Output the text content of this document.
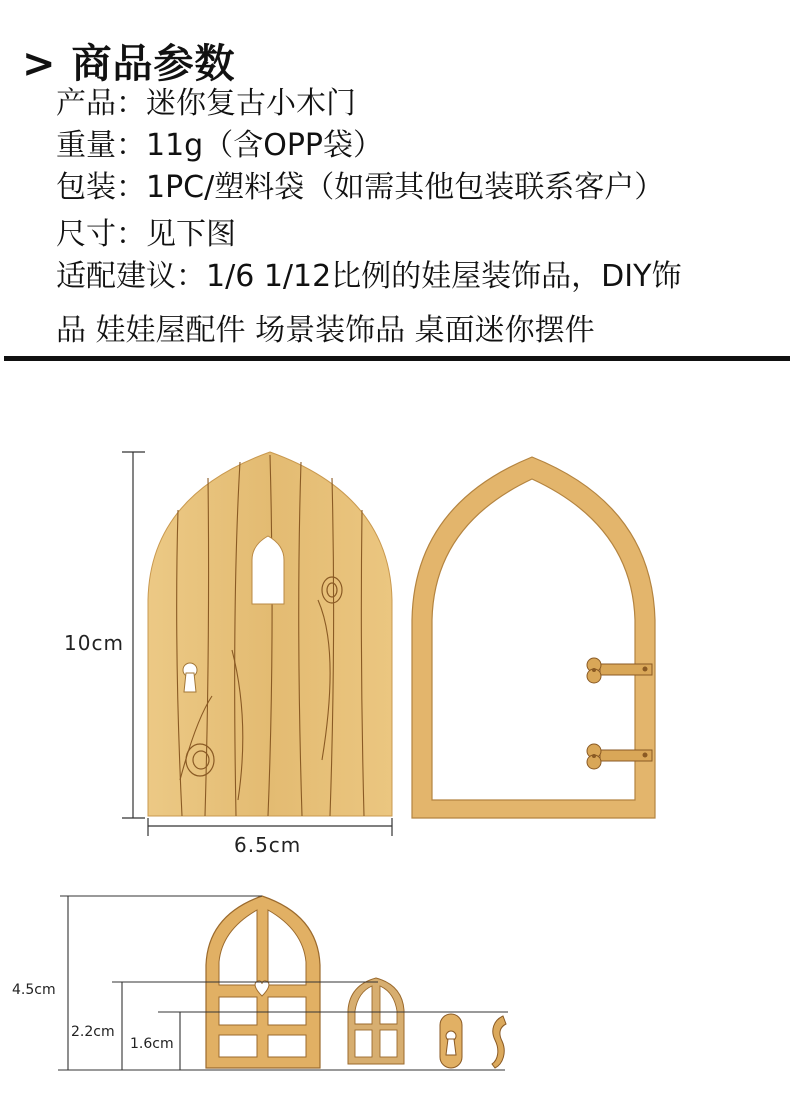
> 商品参数
产品：迷你复古小木门
重量：11g（含OPP袋）
包装：1PC/塑料袋（如需其他包装联系客户）
尺寸：见下图
适配建议：1/6 1/12比例的娃屋装饰品，DIY饰
品 娃娃屋配件 场景装饰品 桌面迷你摆件
10cm
6.5cm
4.5cm
2.2cm
1.6cm
